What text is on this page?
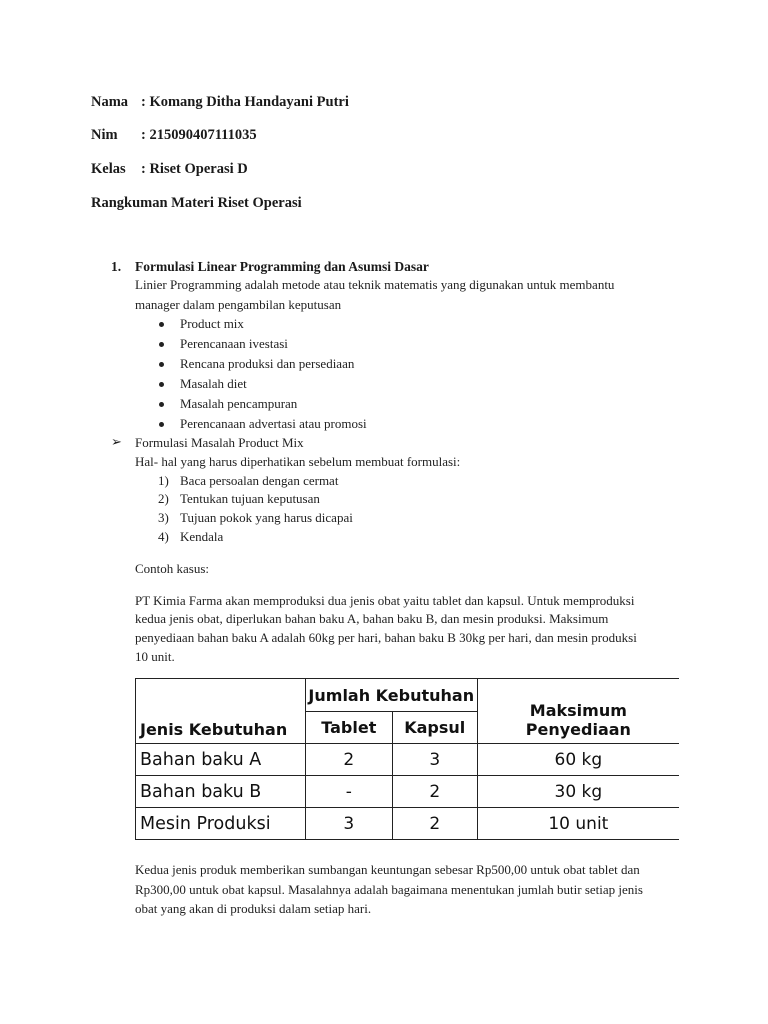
Nama : Komang Ditha Handayani Putri
Nim : 215090407111035
Kelas : Riset Operasi D
Rangkuman Materi Riset Operasi
1. Formulasi Linear Programming dan Asumsi Dasar
Linier Programming adalah metode atau teknik matematis yang digunakan untuk membantu
manager dalam pengambilan keputusan
Product mix
Perencanaan ivestasi
Rencana produksi dan persediaan
Masalah diet
Masalah pencampuran
Perencanaan advertasi atau promosi
➢ Formulasi Masalah Product Mix
Hal- hal yang harus diperhatikan sebelum membuat formulasi:
1) Baca persoalan dengan cermat
2) Tentukan tujuan keputusan
3) Tujuan pokok yang harus dicapai
4) Kendala
Contoh kasus:
PT Kimia Farma akan memproduksi dua jenis obat yaitu tablet dan kapsul. Untuk memproduksi
kedua jenis obat, diperlukan bahan baku A, bahan baku B, dan mesin produksi. Maksimum
penyediaan bahan baku A adalah 60kg per hari, bahan baku B 30kg per hari, dan mesin produksi
10 unit.
Jenis Kebutuhan	Jumlah Kebutuhan		Maksimum Penyediaan
	Tablet	Kapsul	
Bahan baku A	2	3	60 kg
Bahan baku B	-	2	30 kg
Mesin Produksi	3	2	10 unit
Kedua jenis produk memberikan sumbangan keuntungan sebesar Rp500,00 untuk obat tablet dan
Rp300,00 untuk obat kapsul. Masalahnya adalah bagaimana menentukan jumlah butir setiap jenis
obat yang akan di produksi dalam setiap hari.
